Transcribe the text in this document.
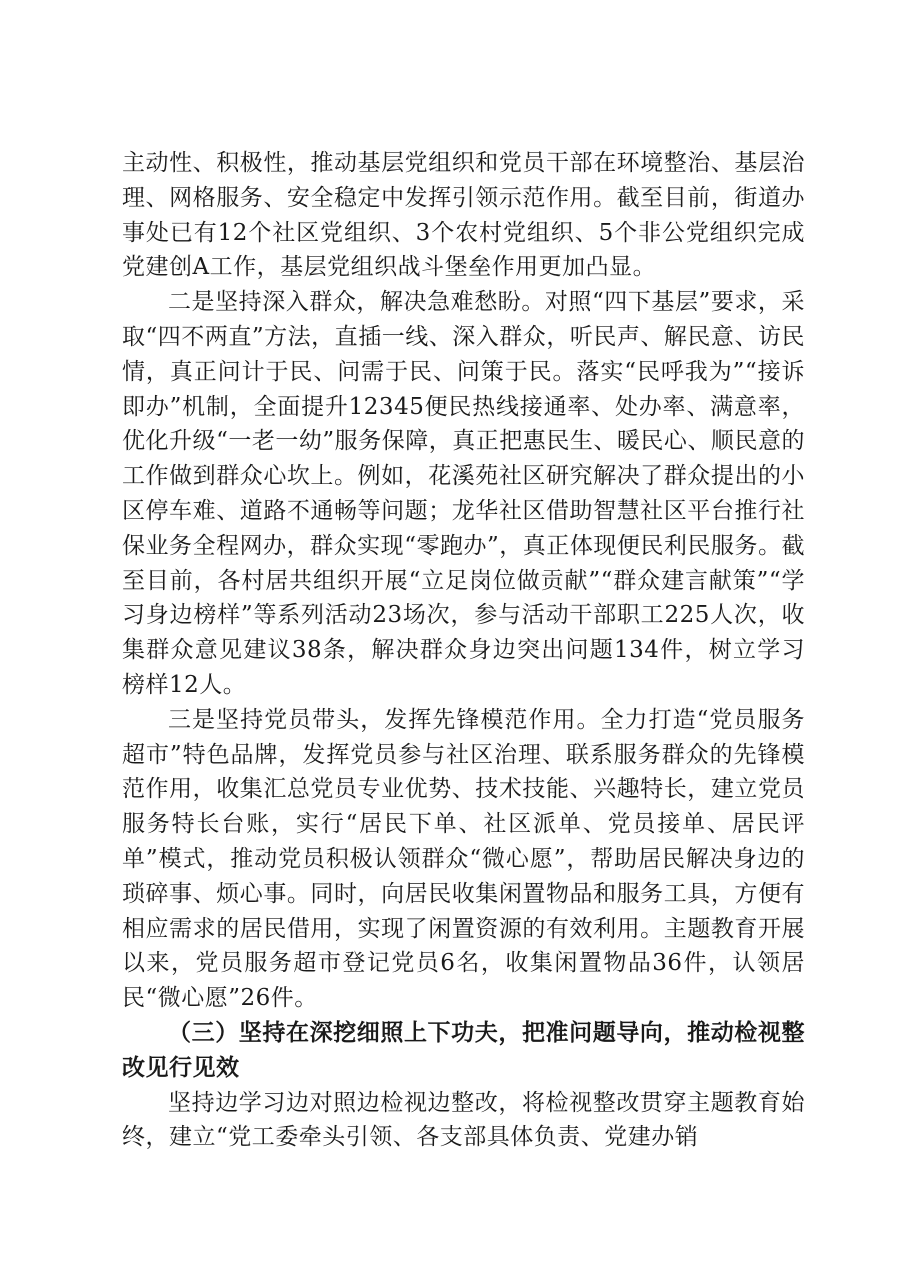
主动性、积极性，推动基层党组织和党员干部在环境整治、基层治理、网格服务、安全稳定中发挥引领示范作用。截至目前，街道办事处已有12个社区党组织、3个农村党组织、5个非公党组织完成党建创A工作，基层党组织战斗堡垒作用更加凸显。

二是坚持深入群众，解决急难愁盼。对照“四下基层”要求，采取“四不两直”方法，直插一线、深入群众，听民声、解民意、访民情，真正问计于民、问需于民、问策于民。落实“民呼我为”“接诉即办”机制，全面提升12345便民热线接通率、处办率、满意率，优化升级“一老一幼”服务保障，真正把惠民生、暖民心、顺民意的工作做到群众心坎上。例如，花溪苑社区研究解决了群众提出的小区停车难、道路不通畅等问题；龙华社区借助智慧社区平台推行社保业务全程网办，群众实现“零跑办”，真正体现便民利民服务。截至目前，各村居共组织开展“立足岗位做贡献”“群众建言献策”“学习身边榜样”等系列活动23场次，参与活动干部职工225人次，收集群众意见建议38条，解决群众身边突出问题134件，树立学习榜样12人。

三是坚持党员带头，发挥先锋模范作用。全力打造“党员服务超市”特色品牌，发挥党员参与社区治理、联系服务群众的先锋模范作用，收集汇总党员专业优势、技术技能、兴趣特长，建立党员服务特长台账，实行“居民下单、社区派单、党员接单、居民评单”模式，推动党员积极认领群众“微心愿”，帮助居民解决身边的琐碎事、烦心事。同时，向居民收集闲置物品和服务工具，方便有相应需求的居民借用，实现了闲置资源的有效利用。主题教育开展以来，党员服务超市登记党员6名，收集闲置物品36件，认领居民“微心愿”26件。

（三）坚持在深挖细照上下功夫，把准问题导向，推动检视整改见行见效

坚持边学习边对照边检视边整改，将检视整改贯穿主题教育始终，建立“党工委牵头引领、各支部具体负责、党建办销
